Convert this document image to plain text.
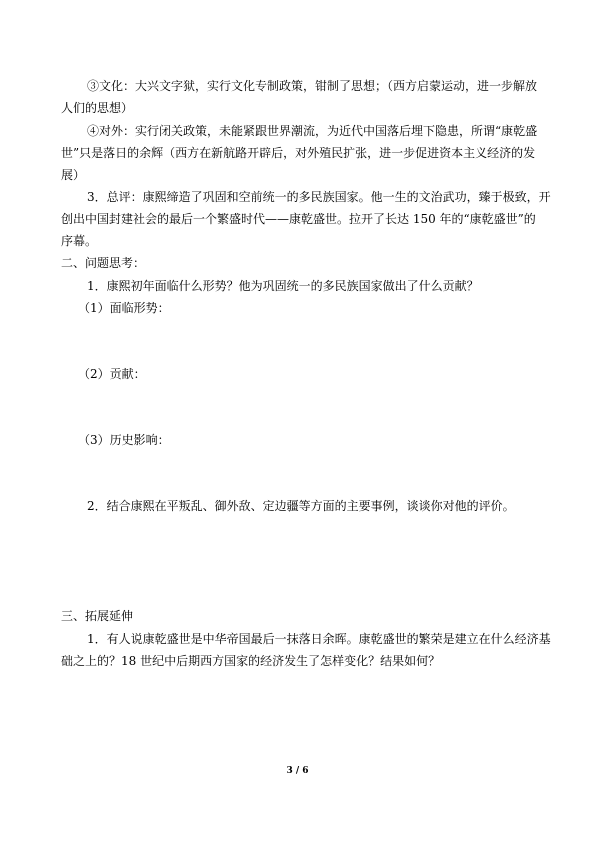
③文化：大兴文字狱，实行文化专制政策，钳制了思想；（西方启蒙运动，进一步解放
人们的思想）
④对外：实行闭关政策，未能紧跟世界潮流，为近代中国落后埋下隐患，所谓“康乾盛
世”只是落日的余辉（西方在新航路开辟后，对外殖民扩张，进一步促进资本主义经济的发
展）
3．总评：康熙缔造了巩固和空前统一的多民族国家。他一生的文治武功，臻于极致，开
创出中国封建社会的最后一个繁盛时代——康乾盛世。拉开了长达 150 年的“康乾盛世”的
序幕。
二、问题思考：
1．康熙初年面临什么形势？他为巩固统一的多民族国家做出了什么贡献？
（1）面临形势：
（2）贡献：
（3）历史影响：
2．结合康熙在平叛乱、御外敌、定边疆等方面的主要事例，谈谈你对他的评价。
三、拓展延伸
1．有人说康乾盛世是中华帝国最后一抹落日余晖。康乾盛世的繁荣是建立在什么经济基
础之上的？18 世纪中后期西方国家的经济发生了怎样变化？结果如何？
3 / 6
